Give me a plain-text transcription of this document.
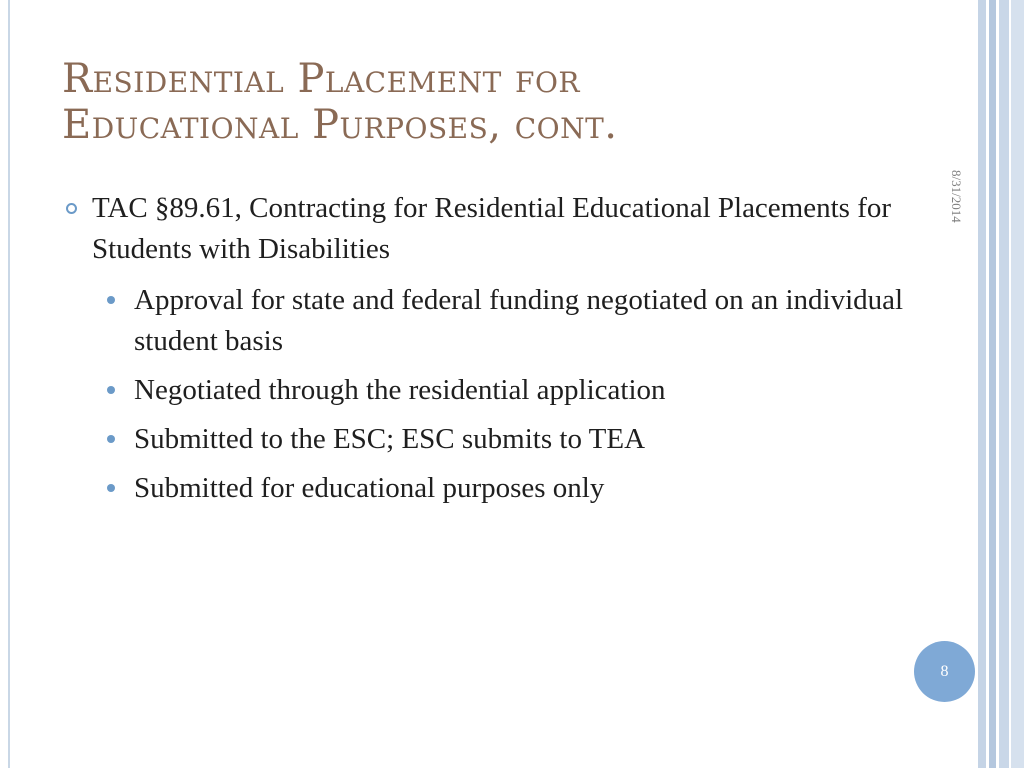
Residential Placement for
Educational Purposes, cont.
8/31/2014
TAC §89.61, Contracting for Residential Educational Placements for Students with Disabilities
Approval for state and federal funding negotiated on an individual student basis
Negotiated through the residential application
Submitted to the ESC; ESC submits to TEA
Submitted for educational purposes only
8
